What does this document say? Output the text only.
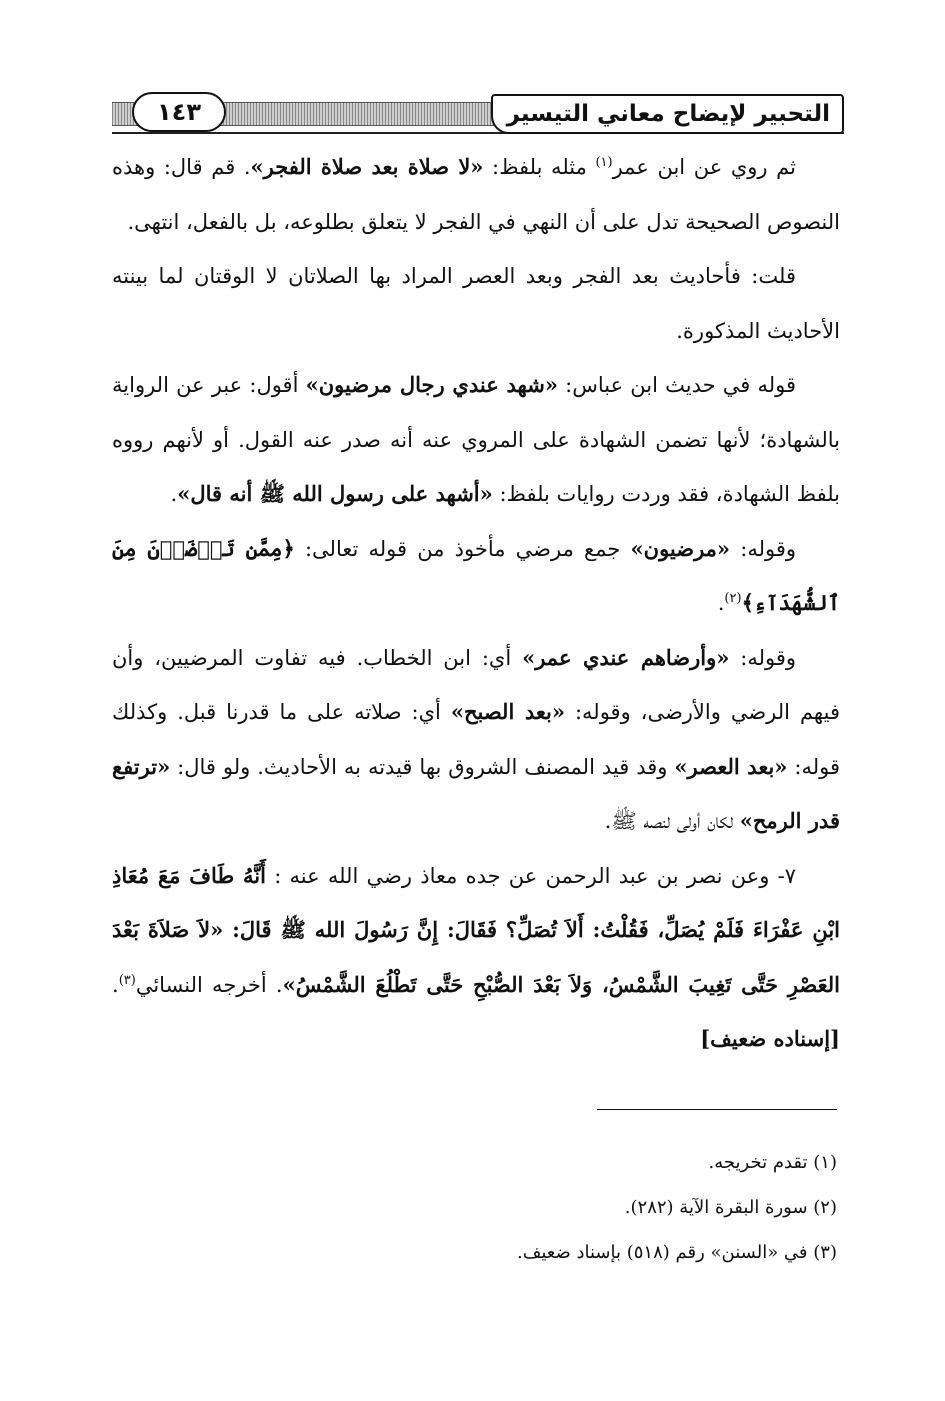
التحبير لإيضاح معاني التيسير
١٤٣

ثم روي عن ابن عمر$^{(١)}$ مثله بلفظ: «لا صلاة بعد صلاة الفجر». قم قال: وهذه النصوص الصحيحة تدل على أن النهي في الفجر لا يتعلق بطلوعه، بل بالفعل، انتهى.

قلت: فأحاديث بعد الفجر وبعد العصر المراد بها الصلاتان لا الوقتان لما بينته الأحاديث المذكورة.

قوله في حديث ابن عباس: «شهد عندي رجال مرضيون» أقول: عبر عن الرواية بالشهادة؛ لأنها تضمن الشهادة على المروي عنه أنه صدر عنه القول. أو لأنهم رووه بلفظ الشهادة، فقد وردت روايات بلفظ: «أشهد على رسول الله ﷺ أنه قال».

وقوله: «مرضيون» جمع مرضي مأخوذ من قوله تعالى: ﴿مِمَّن تَرۡضَوۡنَ مِنَ ٱلشُّهَدَآءِ﴾$^{(٢)}$.

وقوله: «وأرضاهم عندي عمر» أي: ابن الخطاب. فيه تفاوت المرضيين، وأن فيهم الرضي والأرضى، وقوله: «بعد الصبح» أي: صلاته على ما قدرنا قبل. وكذلك قوله: «بعد العصر» وقد قيد المصنف الشروق بها قيدته به الأحاديث. ولو قال: «ترتفع قدر الرمح» لكان أولى لنصه ﷺ.

٧- وعن نصر بن عبد الرحمن عن جده معاذ رضي الله عنه : أَنَّهُ طَافَ مَعَ مُعَاذِ ابْنِ عَفْرَاءَ فَلَمْ يُصَلِّ، فَقُلْتُ: أَلاَ تُصَلِّ؟ فَقَالَ: إِنَّ رَسُولَ الله ﷺ قَالَ: «لاَ صَلاَةَ بَعْدَ العَصْرِ حَتَّى تَغِيبَ الشَّمْسُ، وَلاَ بَعْدَ الصُّبْحِ حَتَّى تَطْلُعَ الشَّمْسُ». أخرجه النسائي$^{(٣)}$. [إسناده ضعيف]

(١) تقدم تخريجه.

(٢) سورة البقرة الآية (٢٨٢).

(٣) في «السنن» رقم (٥١٨) بإسناد ضعيف.
